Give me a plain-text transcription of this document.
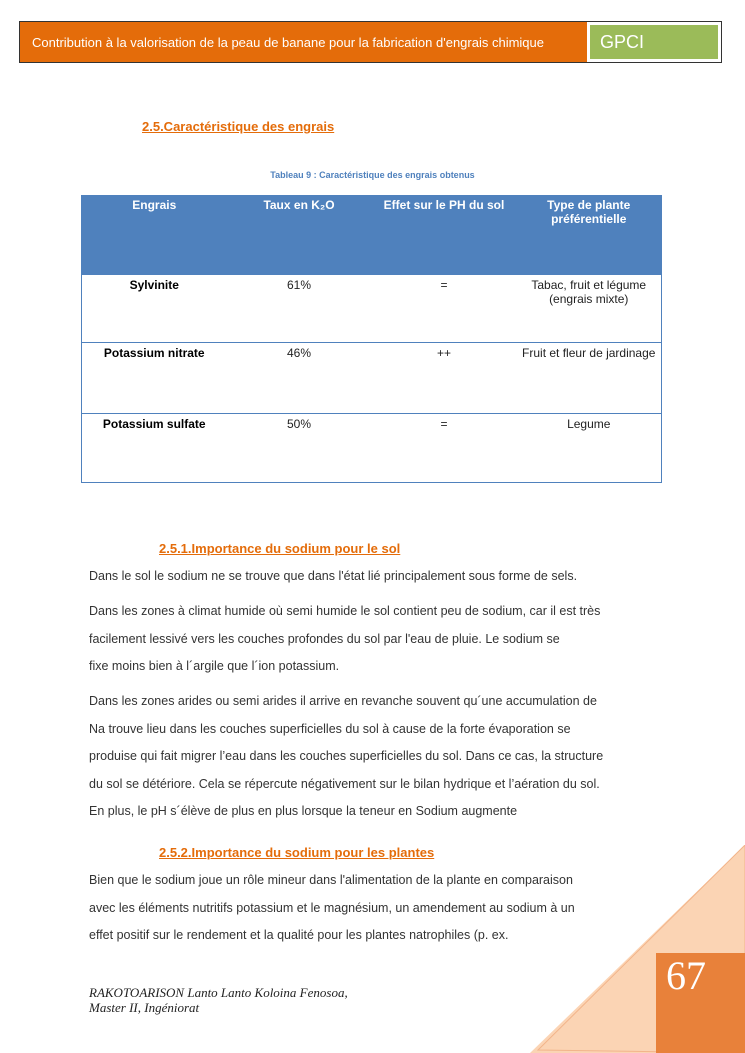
Contribution à la valorisation de la peau de banane pour la fabrication d'engrais chimique	GPCI
2.5.Caractéristique des engrais
Tableau 9 : Caractéristique des engrais obtenus
Engrais	Taux en K₂O	Effet sur le PH du sol	Type de plante préférentielle
Sylvinite	61%	=	Tabac, fruit et légume (engrais mixte)
Potassium nitrate	46%	++	Fruit et fleur de jardinage
Potassium sulfate	50%	=	Legume
2.5.1.Importance du sodium pour le sol
Dans le sol le sodium ne se trouve que dans l'état lié principalement sous forme de sels.
Dans les zones à climat humide où semi humide le sol contient peu de sodium, car il est très
facilement lessivé vers les couches profondes du sol par l'eau de pluie. Le sodium se
fixe moins bien à l´argile que l´ion potassium.
Dans les zones arides ou semi arides il arrive en revanche souvent qu´une accumulation de
Na trouve lieu dans les couches superficielles du sol à cause de la forte évaporation se
produise qui fait migrer l’eau dans les couches superficielles du sol. Dans ce cas, la structure
du sol se détériore. Cela se répercute négativement sur le bilan hydrique et l’aération du sol.
En plus, le pH s´élève de plus en plus lorsque la teneur en Sodium augmente
2.5.2.Importance du sodium pour les plantes
Bien que le sodium joue un rôle mineur dans l'alimentation de la plante en comparaison
avec les éléments nutritifs potassium et le magnésium, un amendement au sodium à un
effet positif sur le rendement et la qualité pour les plantes natrophiles (p. ex.
67
RAKOTOARISON Lanto Lanto Koloina Fenosoa,
Master II, Ingéniorat
